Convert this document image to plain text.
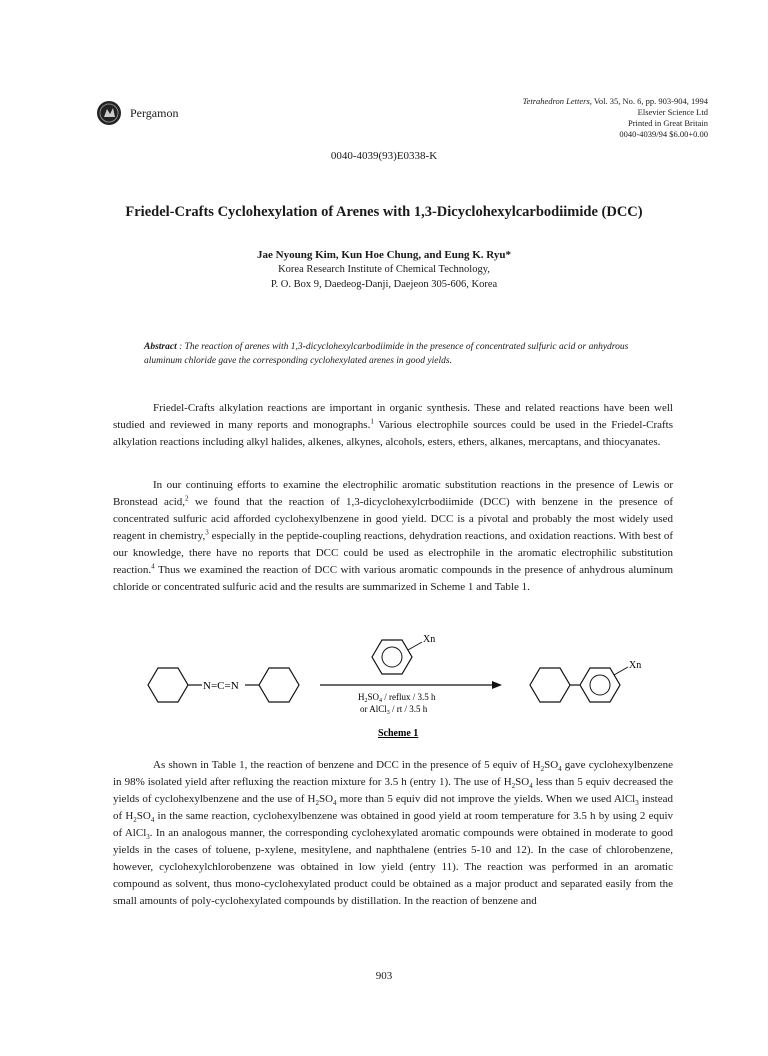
Pergamon
Tetrahedron Letters, Vol. 35, No. 6, pp. 903-904, 1994
Elsevier Science Ltd
Printed in Great Britain
0040-4039/94 $6.00+0.00
0040-4039(93)E0338-K
Friedel-Crafts Cyclohexylation of Arenes with 1,3-Dicyclohexylcarbodiimide (DCC)
Jae Nyoung Kim, Kun Hoe Chung, and Eung K. Ryu*
Korea Research Institute of Chemical Technology,
P. O. Box 9, Daedeog-Danji, Daejeon 305-606, Korea
Abstract : The reaction of arenes with 1,3-dicyclohexylcarbodiimide in the presence of concentrated sulfuric acid or anhydrous aluminum chloride gave the corresponding cyclohexylated arenes in good yields.

Friedel-Crafts alkylation reactions are important in organic synthesis. These and related reactions have been well studied and reviewed in many reports and monographs.$^1$ Various electrophile sources could be used in the Friedel-Crafts alkylation reactions including alkyl halides, alkenes, alkynes, alcohols, esters, ethers, alkanes, mercaptans, and thiocyanates.

In our continuing efforts to examine the electrophilic aromatic substitution reactions in the presence of Lewis or Bronstead acid,$^2$ we found that the reaction of 1,3-dicyclohexylcrbodiimide (DCC) with benzene in the presence of concentrated sulfuric acid afforded cyclohexylbenzene in good yield. DCC is a pivotal and probably the most widely used reagent in chemistry,$^3$ especially in the peptide-coupling reactions, dehydration reactions, and oxidation reactions. With best of our knowledge, there have no reports that DCC could be used as electrophile in the aromatic electrophilic substitution reaction.$^4$ Thus we examined the reaction of DCC with various aromatic compounds in the presence of anhydrous aluminum chloride or concentrated sulfuric acid and the results are summarized in Scheme 1 and Table 1.

N=C=N
Xn
$H_2SO_4$ / reflux / 3.5 h
or AlCl$_3$ / rt / 3.5 h
Xn
Scheme 1

As shown in Table 1, the reaction of benzene and DCC in the presence of 5 equiv of $H_2SO_4$ gave cyclohexylbenzene in 98% isolated yield after refluxing the reaction mixture for 3.5 h (entry 1). The use of $H_2SO_4$ less than 5 equiv decreased the yields of cyclohexylbenzene and the use of $H_2SO_4$ more than 5 equiv did not improve the yields. When we used AlCl$_3$ instead of $H_2SO_4$ in the same reaction, cyclohexylbenzene was obtained in good yield at room temperature for 3.5 h by using 2 equiv of AlCl$_3$. In an analogous manner, the corresponding cyclohexylated aromatic compounds were obtained in moderate to good yields in the cases of toluene, p-xylene, mesitylene, and naphthalene (entries 5-10 and 12). In the case of chlorobenzene, however, cyclohexylchlorobenzene was obtained in low yield (entry 11). The reaction was performed in an aromatic compound as solvent, thus mono-cyclohexylated product could be obtained as a major product and separated easily from the small amounts of poly-cyclohexylated compounds by distillation. In the reaction of benzene and

903
